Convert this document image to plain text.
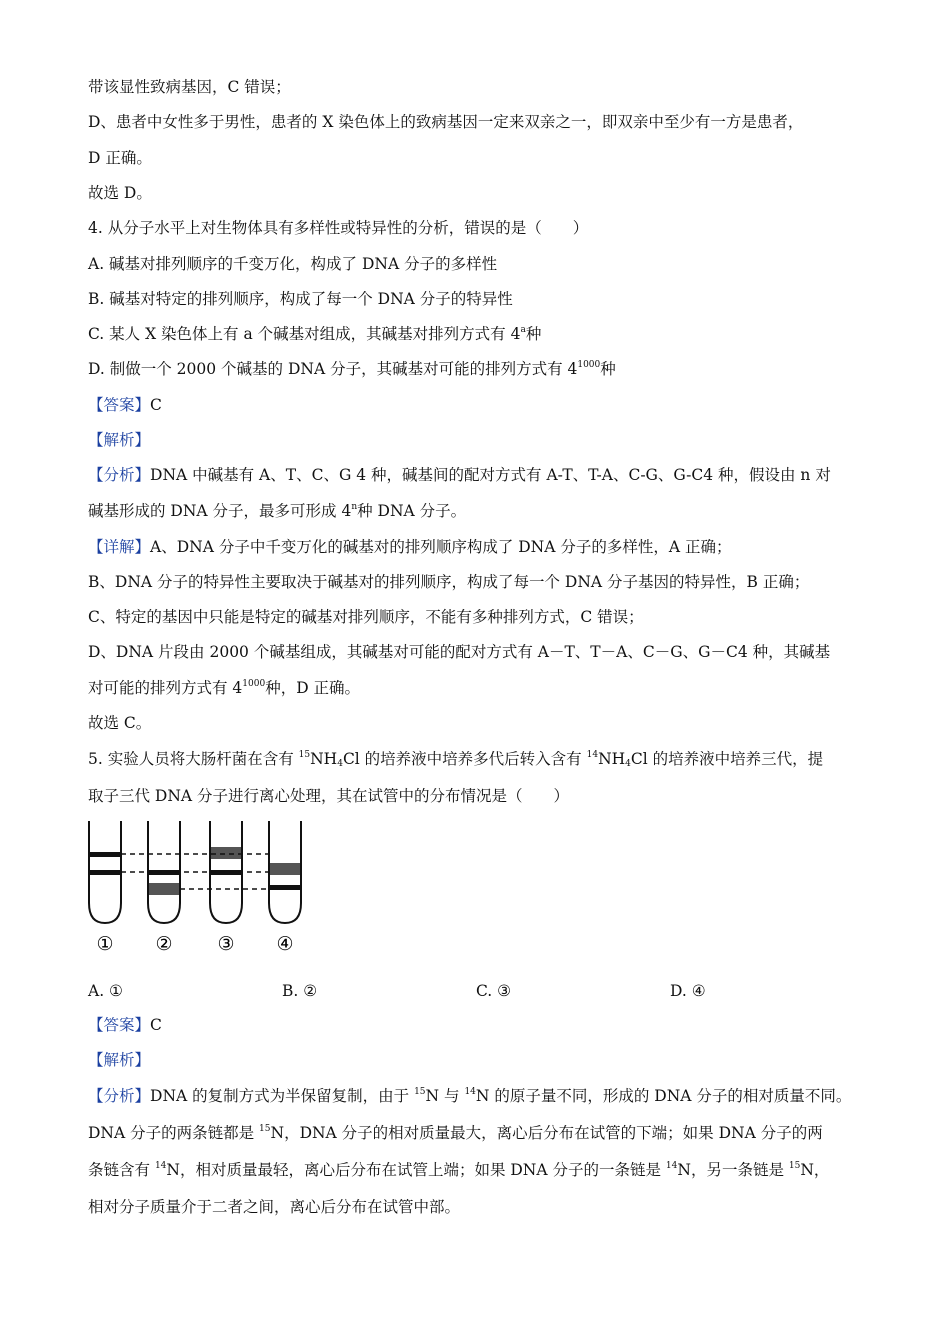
带该显性致病基因，C 错误；
D、患者中女性多于男性，患者的 X 染色体上的致病基因一定来双亲之一，即双亲中至少有一方是患者，
D 正确。
故选 D。
4. 从分子水平上对生物体具有多样性或特异性的分析，错误的是（　　）
A. 碱基对排列顺序的千变万化，构成了 DNA 分子的多样性
B. 碱基对特定的排列顺序，构成了每一个 DNA 分子的特异性
C. 某人 X 染色体上有 a 个碱基对组成，其碱基对排列方式有 4$^a$种
D. 制做一个 2000 个碱基的 DNA 分子，其碱基对可能的排列方式有 $4^{1000}$种
【答案】C
【解析】
【分析】DNA 中碱基有 A、T、C、G 4 种，碱基间的配对方式有 A-T、T-A、C-G、G-C4 种，假设由 n 对
碱基形成的 DNA 分子，最多可形成 4$^n$种 DNA 分子。
【详解】A、DNA 分子中千变万化的碱基对的排列顺序构成了 DNA 分子的多样性，A 正确；
B、DNA 分子的特异性主要取决于碱基对的排列顺序，构成了每一个 DNA 分子基因的特异性，B 正确；
C、特定的基因中只能是特定的碱基对排列顺序，不能有多种排列方式，C 错误；
D、DNA 片段由 2000 个碱基组成，其碱基对可能的配对方式有 A－T、T－A、C－G、G－C4 种，其碱基
对可能的排列方式有 $4^{1000}$种，D 正确。
故选 C。
5. 实验人员将大肠杆菌在含有 $^{15}NH_4Cl$ 的培养液中培养多代后转入含有 $^{14}NH_4Cl$ 的培养液中培养三代，提
取子三代 DNA 分子进行离心处理，其在试管中的分布情况是（　　）
① ② ③ ④
A. ①	B. ②	C. ③	D. ④
【答案】C
【解析】
【分析】DNA 的复制方式为半保留复制，由于 $^{15}$N 与 $^{14}$N 的原子量不同，形成的 DNA 分子的相对质量不同。
DNA 分子的两条链都是 $^{15}$N，DNA 分子的相对质量最大，离心后分布在试管的下端；如果 DNA 分子的两
条链含有 $^{14}$N，相对质量最轻，离心后分布在试管上端；如果 DNA 分子的一条链是 $^{14}$N，另一条链是 $^{15}$N，
相对分子质量介于二者之间，离心后分布在试管中部。
